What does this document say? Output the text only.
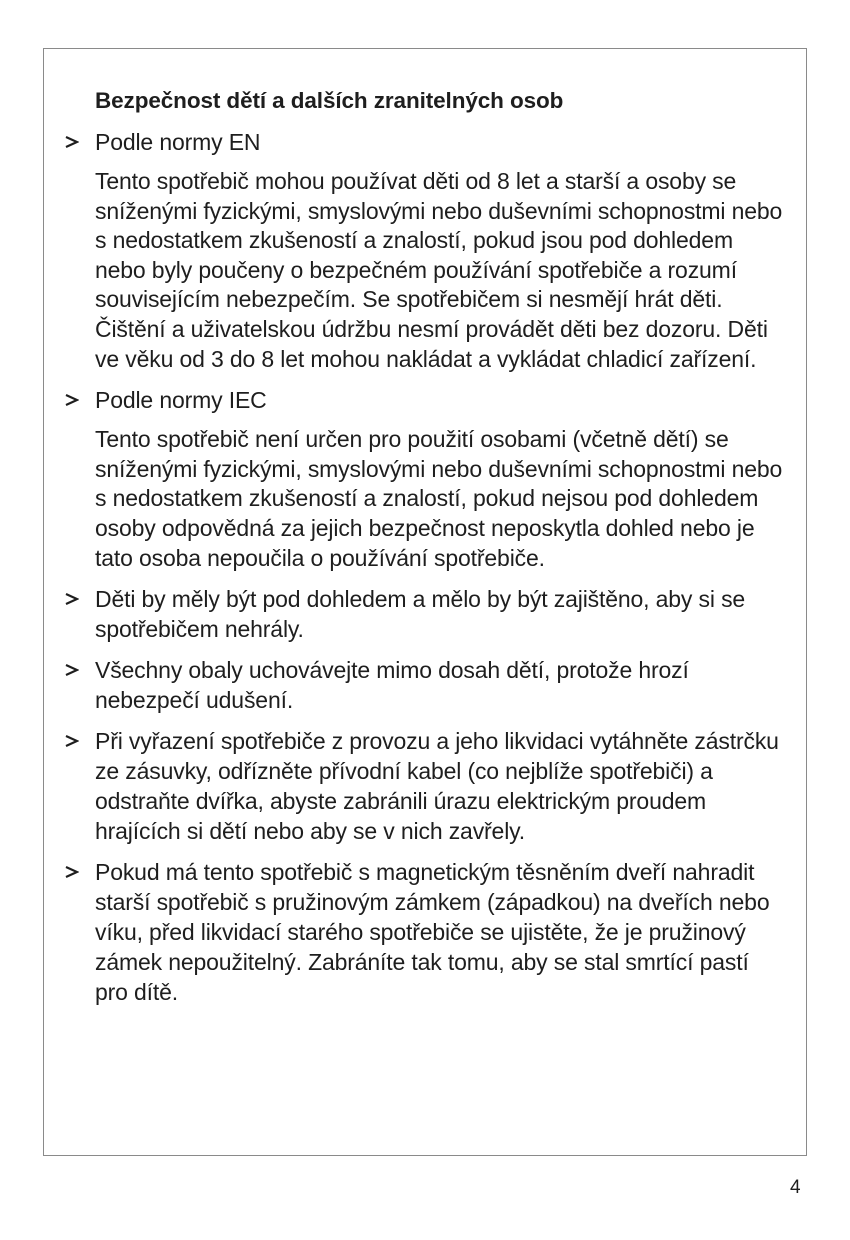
Bezpečnost dětí a dalších zranitelných osob

Podle normy EN

Tento spotřebič mohou používat děti od 8 let a starší a osoby se sníženými fyzickými, smyslovými nebo duševními schopnostmi nebo s nedostatkem zkušeností a znalostí, pokud jsou pod dohledem nebo byly poučeny o bezpečném používání spotřebiče a rozumí souvisejícím nebezpečím. Se spotřebičem si nesmějí hrát děti. Čištění a uživatelskou údržbu nesmí provádět děti bez dozoru. Děti ve věku od 3 do 8 let mohou nakládat a vykládat chladicí zařízení.

Podle normy IEC

Tento spotřebič není určen pro použití osobami (včetně dětí) se sníženými fyzickými, smyslovými nebo duševními schopnostmi nebo s nedostatkem zkušeností a znalostí, pokud nejsou pod dohledem osoby odpovědná za jejich bezpečnost neposkytla dohled nebo je tato osoba nepoučila o používání spotřebiče.

Děti by měly být pod dohledem a mělo by být zajištěno, aby si se spotřebičem nehrály.

Všechny obaly uchovávejte mimo dosah dětí, protože hrozí nebezpečí udušení.

Při vyřazení spotřebiče z provozu a jeho likvidaci vytáhněte zástrčku ze zásuvky, odřízněte přívodní kabel (co nejblíže spotřebiči) a odstraňte dvířka, abyste zabránili úrazu elektrickým proudem hrajících si dětí nebo aby se v nich zavřely.

Pokud má tento spotřebič s magnetickým těsněním dveří nahradit starší spotřebič s pružinovým zámkem (západkou) na dveřích nebo víku, před likvidací starého spotřebiče se ujistěte, že je pružinový zámek nepoužitelný. Zabráníte tak tomu, aby se stal smrtící pastí pro dítě.

4
